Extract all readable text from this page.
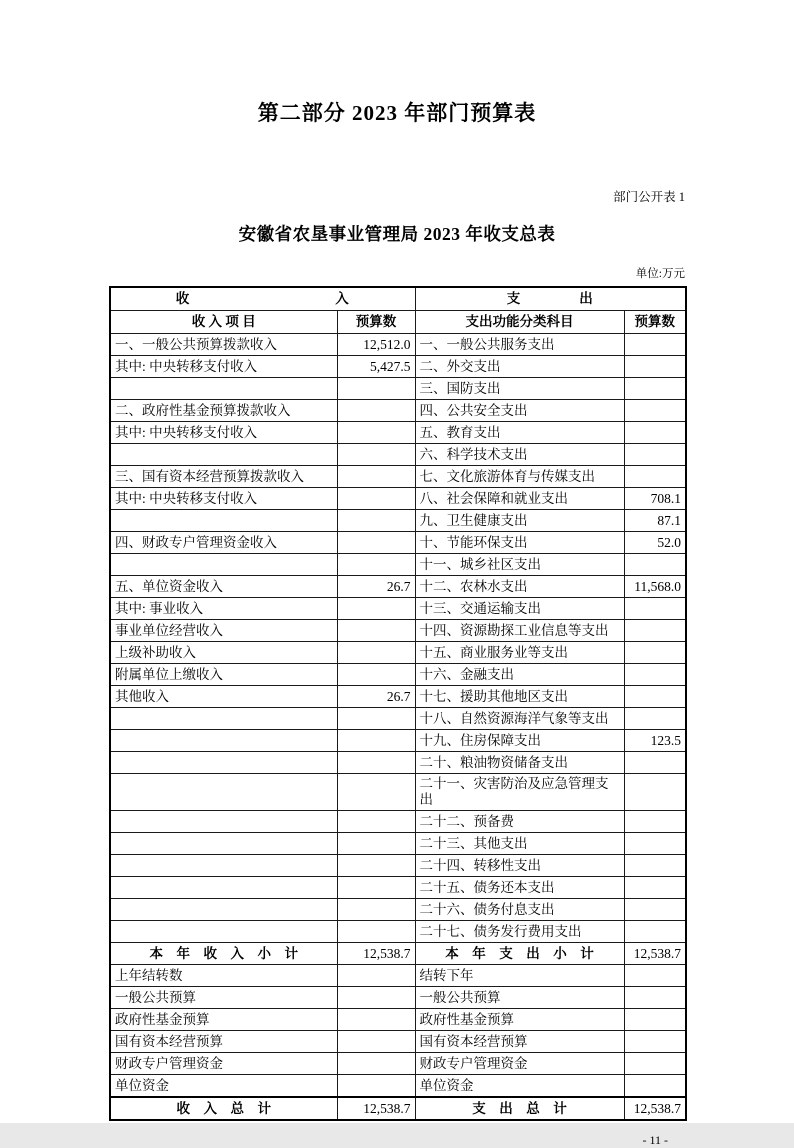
第二部分 2023 年部门预算表
部门公开表 1
安徽省农垦事业管理局 2023 年收支总表
单位:万元
收　　　　　　　　　　入		支　　　　出	
收 入 项 目	预算数	支出功能分类科目	预算数
一、一般公共预算拨款收入	12,512.0	一、一般公共服务支出	
其中: 中央转移支付收入	5,427.5	二、外交支出	
		三、国防支出	
二、政府性基金预算拨款收入		四、公共安全支出	
其中: 中央转移支付收入		五、教育支出	
		六、科学技术支出	
三、国有资本经营预算拨款收入		七、文化旅游体育与传媒支出	
其中: 中央转移支付收入		八、社会保障和就业支出	708.1
		九、卫生健康支出	87.1
四、财政专户管理资金收入		十、节能环保支出	52.0
		十一、城乡社区支出	
五、单位资金收入	26.7	十二、农林水支出	11,568.0
其中: 事业收入		十三、交通运输支出	
事业单位经营收入		十四、资源勘探工业信息等支出	
上级补助收入		十五、商业服务业等支出	
附属单位上缴收入		十六、金融支出	
其他收入	26.7	十七、援助其他地区支出	
		十八、自然资源海洋气象等支出	
		十九、住房保障支出	123.5
		二十、粮油物资储备支出	
		二十一、灾害防治及应急管理支出	
		二十二、预备费	
		二十三、其他支出	
		二十四、转移性支出	
		二十五、债务还本支出	
		二十六、债务付息支出	
		二十七、债务发行费用支出	
本　年　收　入　小　计	12,538.7	本　年　支　出　小　计	12,538.7
上年结转数		结转下年	
一般公共预算		一般公共预算	
政府性基金预算		政府性基金预算	
国有资本经营预算		国有资本经营预算	
财政专户管理资金		财政专户管理资金	
单位资金		单位资金	
收　入　总　计	12,538.7	支　出　总　计	12,538.7
- 11 -
